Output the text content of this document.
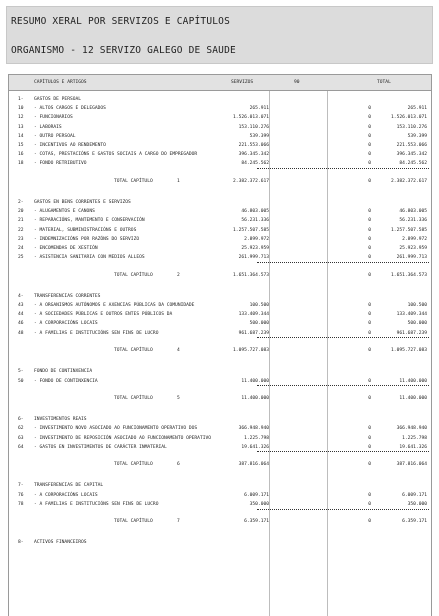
RESUMO XERAL POR SERVIZOS E CAPÍTULOS
ORGANISMO - 12 SERVIZO GALEGO DE SAUDE
CAPÍTULOS E ARTIGOS	SERVIZOS	90	TOTAL
1- GASTOS DE PERSOAL
10 - ALTOS CARGOS E DELEGADOS	265.911	0	265.911
12 - FUNCIONARIOS	1.526.013.071	0	1.526.013.071
13 - LABORAIS	153.110.276	0	153.110.276
14 - OUTRO PERSOAL	539.399	0	539.399
15 - INCENTIVOS AO RENDEMENTO	221.553.066	0	221.553.066
16 - COTAS, PRESTACIÓNS E GASTOS SOCIAIS A CARGO DO EMPREGADOR	396.345.342	0	396.345.342
18 - FONDO RETRIBUTIVO	84.245.562	0	84.245.562
TOTAL CAPÍTULO	1	2.382.372.617	0	2.382.372.617
2- GASTOS EN BENS CORRENTES E SERVIZOS
20 - ALUGAMENTOS E CANONS	46.803.005	0	46.803.005
21 - REPARACIÓNS, MANTEMENTO E CONSERVACIÓN	56.231.336	0	56.231.336
22 - MATERIAL, SUBMINISTRACIÓNS E OUTROS	1.257.507.585	0	1.257.507.585
23 - INDEMNIZACIÓNS POR RAZÓNS DO SERVIZO	2.899.972	0	2.899.972
24 - ENCOMENDAS DE XESTIÓN	25.923.959	0	25.923.959
25 - ASISTENCIA SANITARIA CON MEDIOS ALLEOS	261.999.713	0	261.999.713
TOTAL CAPÍTULO	2	1.651.364.573	0	1.651.364.573
4- TRANSFERENCIAS CORRENTES
43 - A ORGANISMOS AUTÓNOMOS E AXENCIAS PÚBLICAS DA COMUNIDADE	100.500	0	100.500
44 - A SOCIEDADES PÚBLICAS E OUTROS ENTES PÚBLICOS DA	133.409.344	0	133.409.344
46 - A CORPORACIÓNS LOCAIS	500.000	0	500.000
48 - A FAMILIAS E INSTITUCIÓNS SEN FINS DE LUCRO	961.687.239	0	961.687.239
TOTAL CAPÍTULO	4	1.095.727.083	0	1.095.727.083
5- FONDO DE CONTINXENCIA
50 - FONDO DE CONTINXENCIA	11.400.000	0	11.400.000
TOTAL CAPÍTULO	5	11.400.000	0	11.400.000
6- INVESTIMENTOS REAIS
62 - INVESTIMENTO NOVO ASOCIADO AO FUNCIONAMENTO OPERATIVO DOS	366.948.940	0	366.948.940
63 - INVESTIMENTO DE REPOSICIÓN ASOCIADO AO FUNCIONAMENTO OPERATIVO	1.225.798	0	1.225.798
64 - GASTOS EN INVESTIMENTOS DE CARÁCTER INMATERIAL	19.641.326	0	19.641.326
TOTAL CAPÍTULO	6	387.816.064	0	387.816.064
7- TRANSFERENCIAS DE CAPITAL
76 - A CORPORACIÓNS LOCAIS	6.009.171	0	6.009.171
78 - A FAMILIAS E INSTITUCIÓNS SEN FINS DE LUCRO	350.000	0	350.000
TOTAL CAPÍTULO	7	6.359.171	0	6.359.171
8- ACTIVOS FINANCEIROS
